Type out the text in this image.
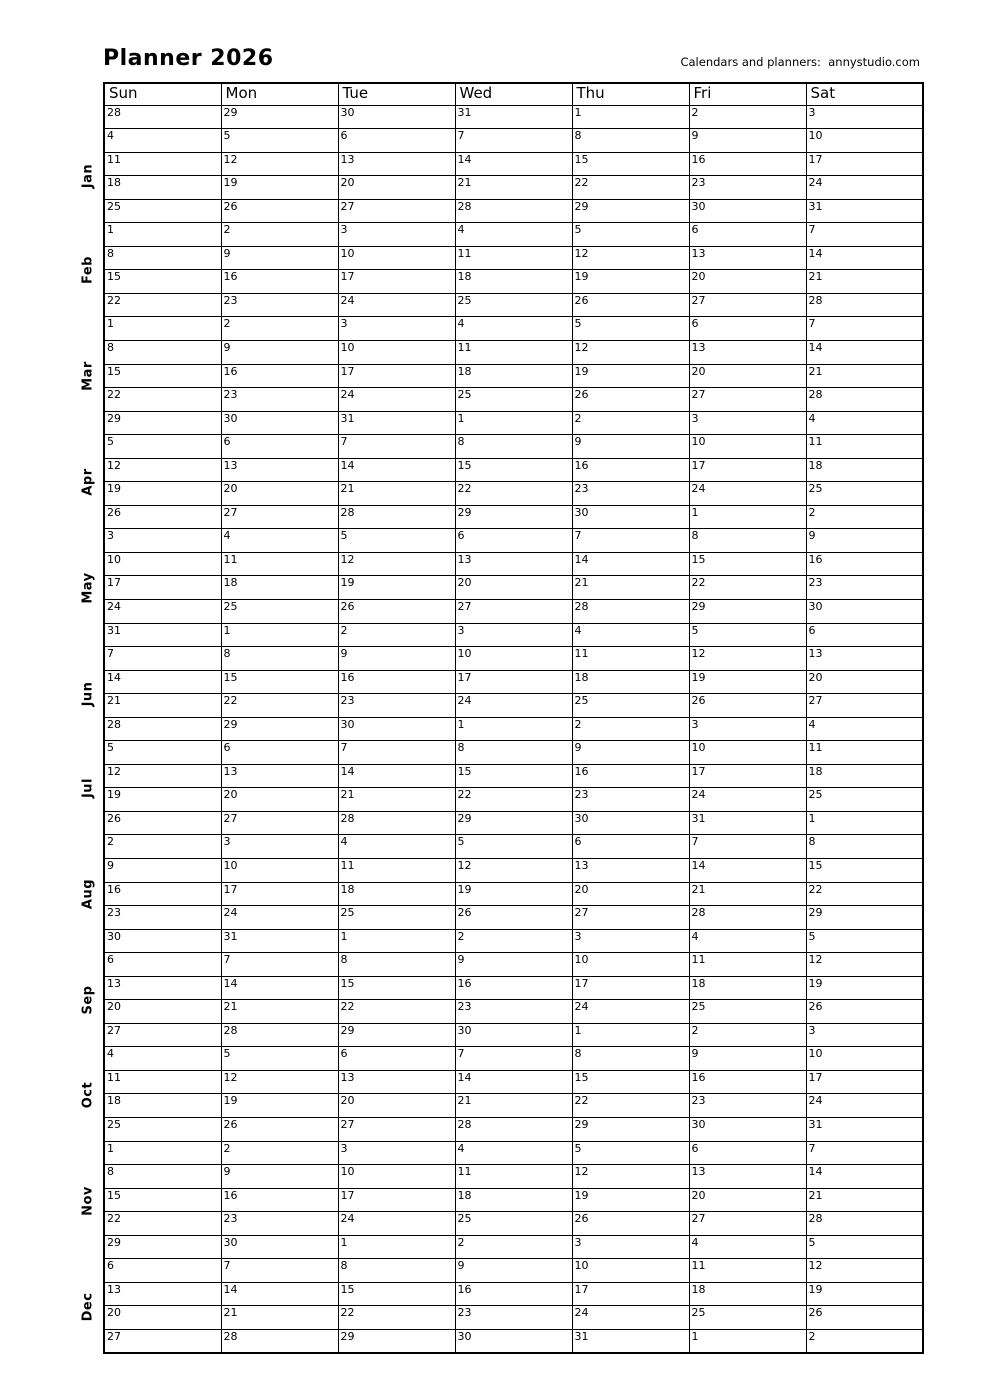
Planner 2026	Calendars and planners:  annystudio.com
Jan
Feb
Mar
Apr
May
Jun
Jul
Aug
Sep
Oct
Nov
Dec
Sun	Mon	Tue	Wed	Thu	Fri	Sat
28	29	30	31	1	2	3
4	5	6	7	8	9	10
11	12	13	14	15	16	17
18	19	20	21	22	23	24
25	26	27	28	29	30	31
1	2	3	4	5	6	7
8	9	10	11	12	13	14
15	16	17	18	19	20	21
22	23	24	25	26	27	28
1	2	3	4	5	6	7
8	9	10	11	12	13	14
15	16	17	18	19	20	21
22	23	24	25	26	27	28
29	30	31	1	2	3	4
5	6	7	8	9	10	11
12	13	14	15	16	17	18
19	20	21	22	23	24	25
26	27	28	29	30	1	2
3	4	5	6	7	8	9
10	11	12	13	14	15	16
17	18	19	20	21	22	23
24	25	26	27	28	29	30
31	1	2	3	4	5	6
7	8	9	10	11	12	13
14	15	16	17	18	19	20
21	22	23	24	25	26	27
28	29	30	1	2	3	4
5	6	7	8	9	10	11
12	13	14	15	16	17	18
19	20	21	22	23	24	25
26	27	28	29	30	31	1
2	3	4	5	6	7	8
9	10	11	12	13	14	15
16	17	18	19	20	21	22
23	24	25	26	27	28	29
30	31	1	2	3	4	5
6	7	8	9	10	11	12
13	14	15	16	17	18	19
20	21	22	23	24	25	26
27	28	29	30	1	2	3
4	5	6	7	8	9	10
11	12	13	14	15	16	17
18	19	20	21	22	23	24
25	26	27	28	29	30	31
1	2	3	4	5	6	7
8	9	10	11	12	13	14
15	16	17	18	19	20	21
22	23	24	25	26	27	28
29	30	1	2	3	4	5
6	7	8	9	10	11	12
13	14	15	16	17	18	19
20	21	22	23	24	25	26
27	28	29	30	31	1	2
